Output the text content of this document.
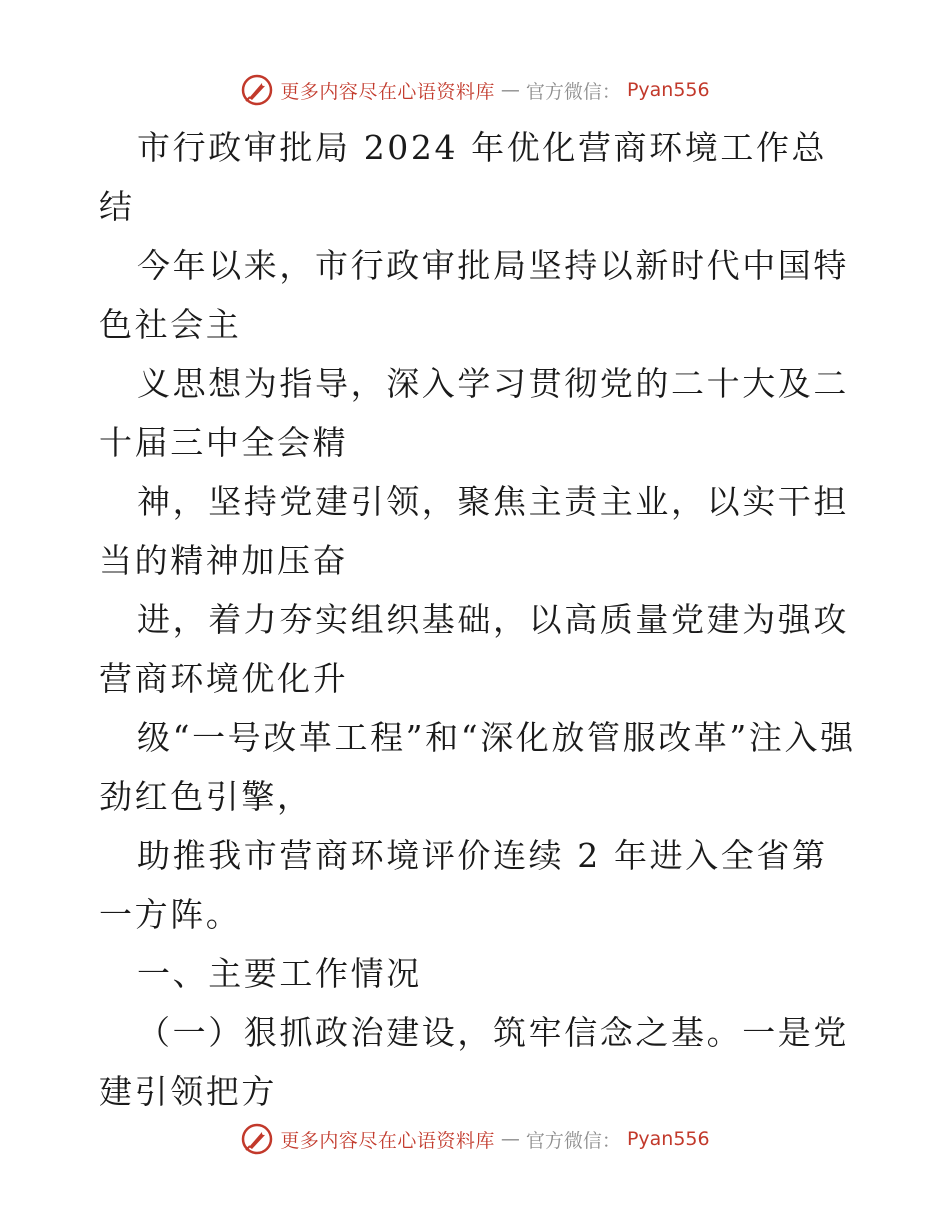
更多内容尽在心语资料库 — 官方微信： Pyan556

市行政审批局 2024 年优化营商环境工作总结

今年以来，市行政审批局坚持以新时代中国特色社会主

义思想为指导，深入学习贯彻党的二十大及二十届三中全会精

神，坚持党建引领，聚焦主责主业，以实干担当的精神加压奋

进，着力夯实组织基础，以高质量党建为强攻营商环境优化升

级“一号改革工程”和“深化放管服改革”注入强劲红色引擎，

助推我市营商环境评价连续 2 年进入全省第一方阵。

一、主要工作情况

（一）狠抓政治建设，筑牢信念之基。一是党建引领把方

更多内容尽在心语资料库 — 官方微信： Pyan556
